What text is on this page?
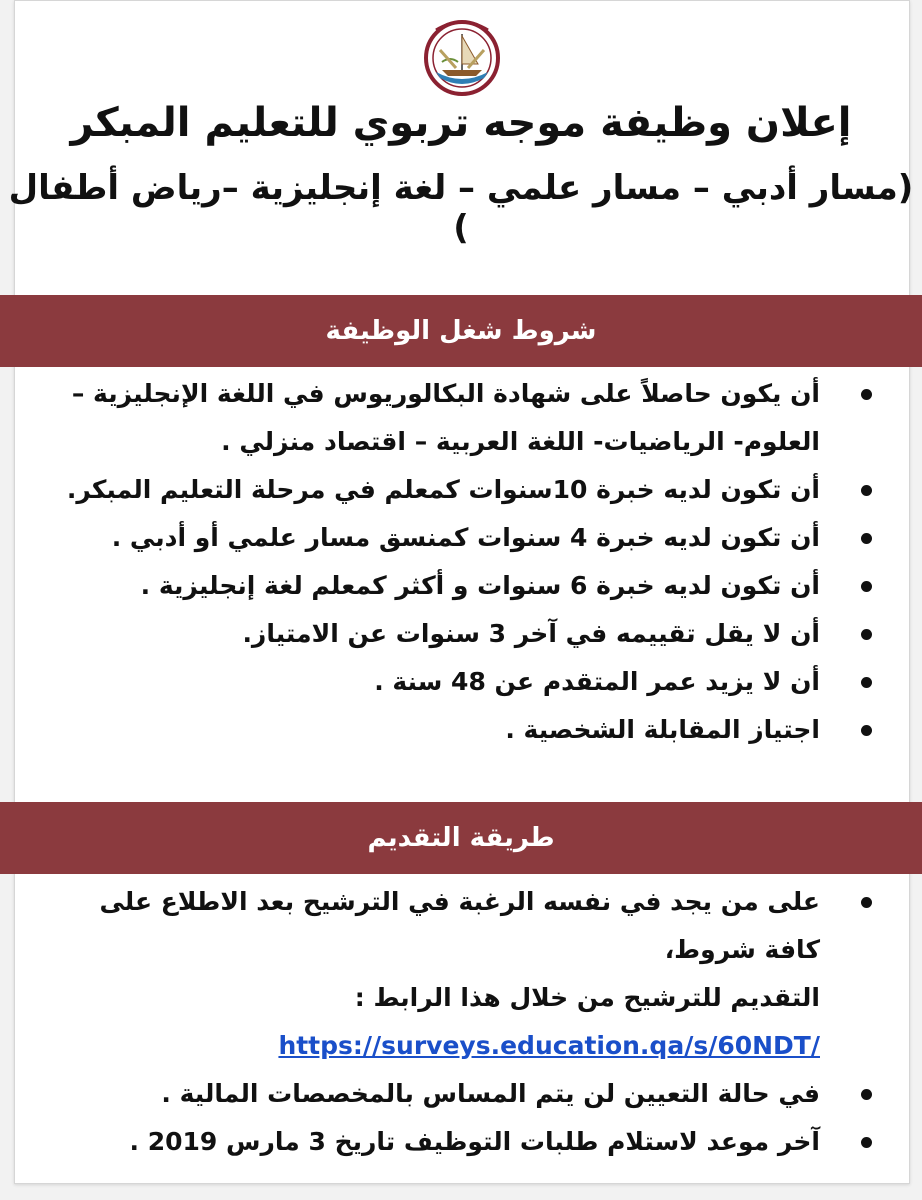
إعلان وظيفة موجه تربوي للتعليم المبكر
(مسار أدبي – مسار علمي – لغة إنجليزية –رياض أطفال )
شروط شغل الوظيفة
أن يكون حاصلاً على شهادة البكالوريوس في اللغة الإنجليزية – العلوم- الرياضيات- اللغة العربية – اقتصاد منزلي .
أن تكون لديه خبرة 10سنوات كمعلم في مرحلة التعليم المبكر.
أن تكون لديه خبرة 4 سنوات كمنسق مسار علمي أو أدبي .
أن تكون لديه خبرة 6 سنوات و أكثر كمعلم لغة إنجليزية .
أن لا يقل تقييمه في آخر 3 سنوات عن الامتياز.
أن لا يزيد عمر المتقدم عن 48 سنة .
اجتياز المقابلة الشخصية .
طريقة التقديم
على من يجد في نفسه الرغبة في الترشيح بعد الاطلاع على كافة شروط،
التقديم للترشيح من خلال هذا الرابط :
https://surveys.education.qa/s/60NDT/
في حالة التعيين لن يتم المساس بالمخصصات المالية .
آخر موعد لاستلام طلبات التوظيف تاريخ 3 مارس 2019 .
